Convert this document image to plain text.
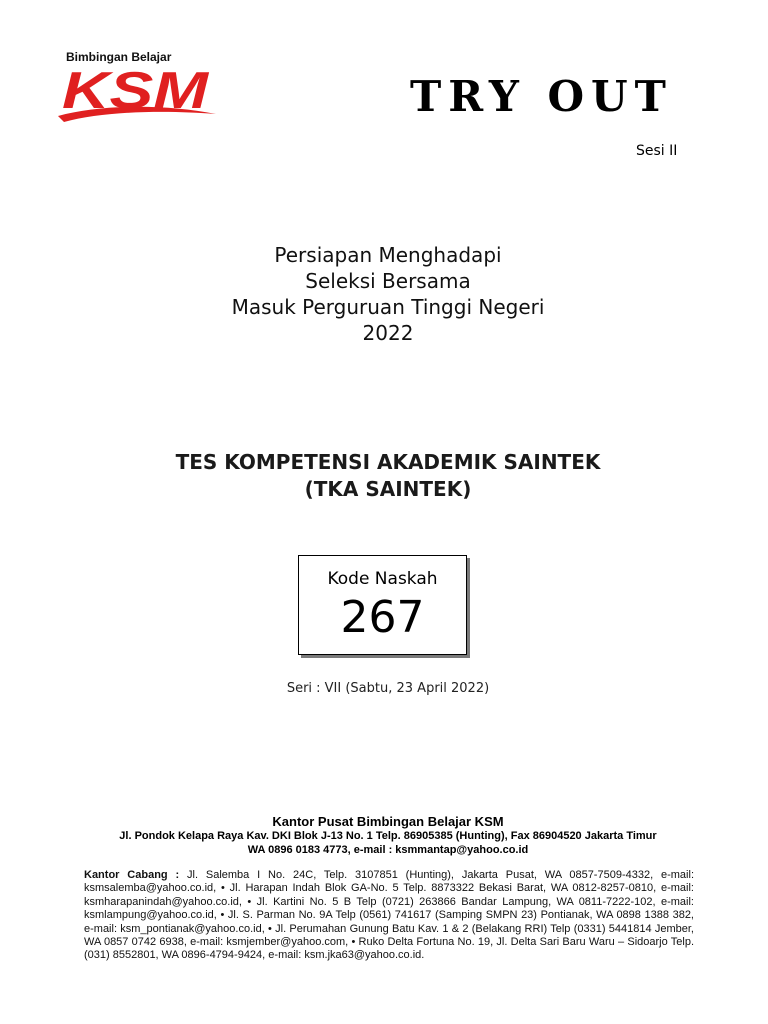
Bimbingan Belajar
KSM	TRY OUT
Sesi II
Persiapan Menghadapi
Seleksi Bersama
Masuk Perguruan Tinggi Negeri
2022
TES KOMPETENSI AKADEMIK SAINTEK
(TKA SAINTEK)
Kode Naskah
267
Seri : VII (Sabtu, 23 April 2022)
Kantor Pusat Bimbingan Belajar KSM
Jl. Pondok Kelapa Raya Kav. DKI Blok J-13 No. 1 Telp. 86905385 (Hunting), Fax 86904520 Jakarta Timur
WA 0896 0183 4773, e-mail : ksmmantap@yahoo.co.id
Kantor Cabang : Jl. Salemba I No. 24C, Telp. 3107851 (Hunting), Jakarta Pusat, WA 0857-7509-4332, e-mail: ksmsalemba@yahoo.co.id, • Jl. Harapan Indah Blok GA-No. 5 Telp. 8873322 Bekasi Barat, WA 0812-8257-0810, e-mail: ksmharapanindah@yahoo.co.id, • Jl. Kartini No. 5 B Telp (0721) 263866 Bandar Lampung, WA 0811-7222-102, e-mail: ksmlampung@yahoo.co.id, • Jl. S. Parman No. 9A Telp (0561) 741617 (Samping SMPN 23) Pontianak, WA 0898 1388 382, e-mail: ksm_pontianak@yahoo.co.id, • Jl. Perumahan Gunung Batu Kav. 1 & 2 (Belakang RRI) Telp (0331) 5441814 Jember, WA 0857 0742 6938, e-mail: ksmjember@yahoo.com, • Ruko Delta Fortuna No. 19, Jl. Delta Sari Baru Waru – Sidoarjo Telp. (031) 8552801, WA 0896-4794-9424, e-mail: ksm.jka63@yahoo.co.id.
